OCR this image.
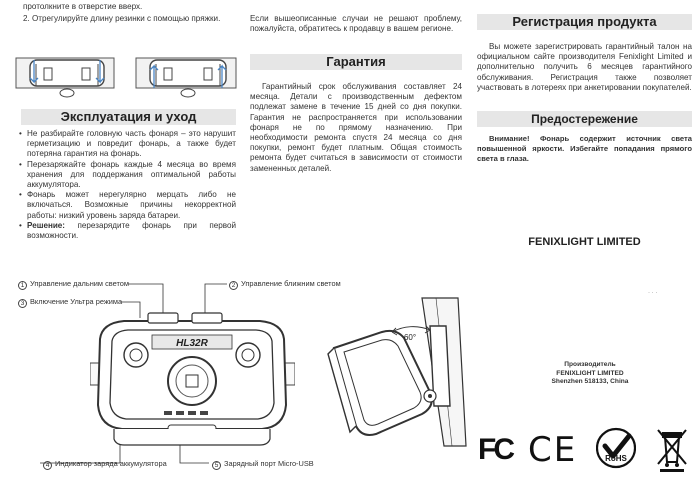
протолкните в отверстие вверх.
2. Отрегулируйте длину резинки с помощью пряжки.
Эксплуатация и уход
• Не разбирайте головную часть фонаря – это нарушит герметизацию и повредит фонарь, а также будет потеряна гарантия на фонарь.
• Перезаряжайте фонарь каждые 4 месяца во время хранения для поддержания оптимальной работы аккумулятора.
• Фонарь может нерегулярно мерцать либо не включаться. Возможные причины некорректной работы: низкий уровень заряда батареи.
• Решение: перезарядите фонарь при первой возможности.
Если вышеописанные случаи не решают проблему, пожалуйста, обратитесь к продавцу в вашем регионе.
Гарантия
Гарантийный срок обслуживания составляет 24 месяца. Детали с производственным дефектом подлежат замене в течение 15 дней со дня покупки. Гарантия не распространяется при использовании фонаря не по прямому назначению. При необходимости ремонта спустя 24 месяца со дня покупки, ремонт будет платным. Общая стоимость ремонта будет считаться в зависимости от стоимости замененных деталей.
Регистрация продукта
Вы можете зарегистрировать гарантийный талон на официальном сайте производителя Fenixlight Limited и дополнительно получить 6 месяцев гарантийного обслуживания. Регистрация также позволяет участвовать в лотереях при анкетировании покупателей.
Предостережение
Внимание! Фонарь содержит источник света повышенной яркости. Избегайте попадания прямого света в глаза.
FENIXLIGHT LIMITED
· · ·
Производитель
FENIXLIGHT LIMITED
Shenzhen 518133, China
1 Управление дальним светом	2 Управление ближним светом
3 Включение Ультра режима
4 Индикатор заряда аккумулятора	5 Зарядный порт Micro-USB
HL32R
60°
FC CE	RoHS
